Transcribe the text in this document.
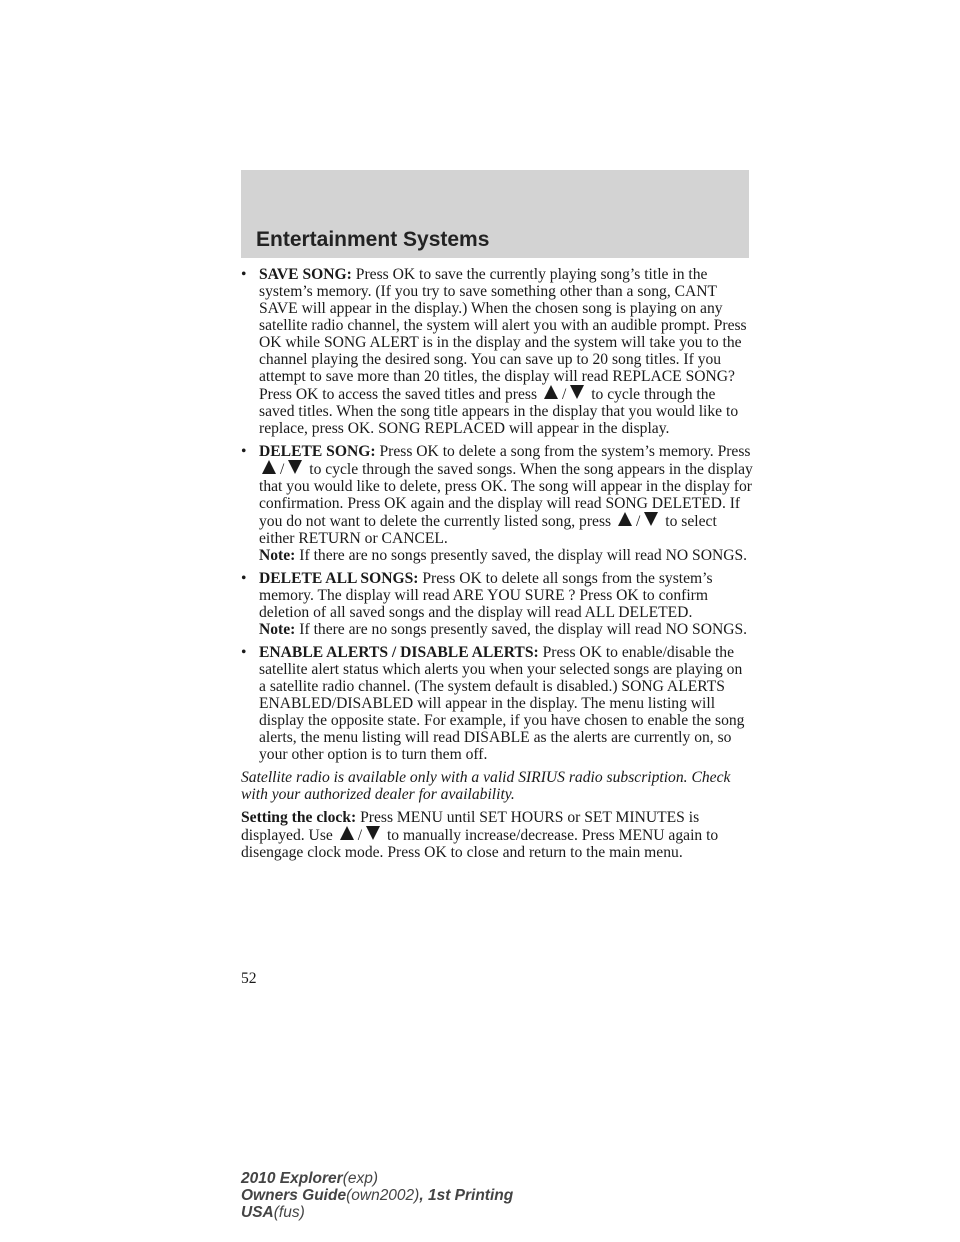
Entertainment Systems
• SAVE SONG: Press OK to save the currently playing song’s title in the system’s memory. (If you try to save something other than a song, CANT SAVE will appear in the display.) When the chosen song is playing on any satellite radio channel, the system will alert you with an audible prompt. Press OK while SONG ALERT is in the display and the system will take you to the channel playing the desired song. You can save up to 20 song titles. If you attempt to save more than 20 titles, the display will read REPLACE SONG? Press OK to access the saved titles and press / to cycle through the saved titles. When the song title appears in the display that you would like to replace, press OK. SONG REPLACED will appear in the display.

• DELETE SONG: Press OK to delete a song from the system’s memory. Press / to cycle through the saved songs. When the song appears in the display that you would like to delete, press OK. The song will appear in the display for confirmation. Press OK again and the display will read SONG DELETED. If you do not want to delete the currently listed song, press / to select either RETURN or CANCEL.

Note: If there are no songs presently saved, the display will read NO SONGS.

• DELETE ALL SONGS: Press OK to delete all songs from the system’s memory. The display will read ARE YOU SURE ? Press OK to confirm deletion of all saved songs and the display will read ALL DELETED.

Note: If there are no songs presently saved, the display will read NO SONGS.

• ENABLE ALERTS / DISABLE ALERTS: Press OK to enable/disable the satellite alert status which alerts you when your selected songs are playing on a satellite radio channel. (The system default is disabled.) SONG ALERTS ENABLED/DISABLED will appear in the display. The menu listing will display the opposite state. For example, if you have chosen to enable the song alerts, the menu listing will read DISABLE as the alerts are currently on, so your other option is to turn them off.

Satellite radio is available only with a valid SIRIUS radio subscription. Check with your authorized dealer for availability.

Setting the clock: Press MENU until SET HOURS or SET MINUTES is displayed. Use / to manually increase/decrease. Press MENU again to disengage clock mode. Press OK to close and return to the main menu.

52
2010 Explorer(exp)
Owners Guide(own2002), 1st Printing
USA(fus)
